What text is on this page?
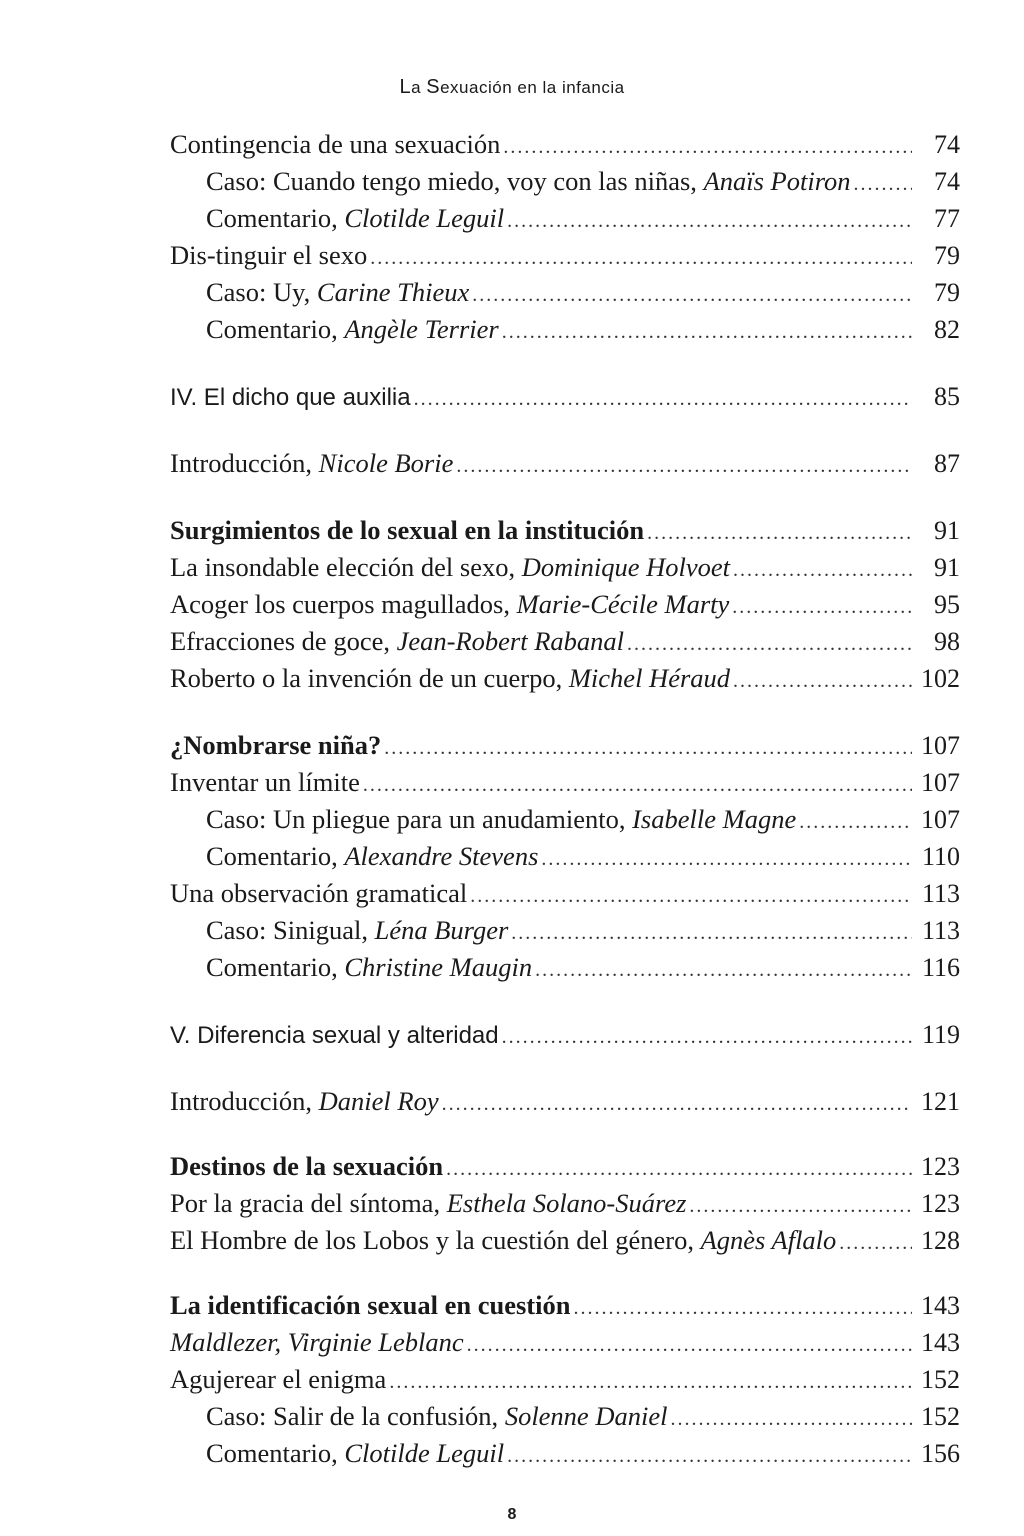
La Sexuación en la infancia
Contingencia de una sexuación .....	74
Caso: Cuando tengo miedo, voy con las niñas, Anaïs Potiron .....	74
Comentario, Clotilde Leguil .....	77
Dis-tinguir el sexo .....	79
Caso: Uy, Carine Thieux .....	79
Comentario, Angèle Terrier .....	82
IV. El dicho que auxilia .....	85
Introducción, Nicole Borie .....	87
Surgimientos de lo sexual en la institución .....	91
La insondable elección del sexo, Dominique Holvoet .....	91
Acoger los cuerpos magullados, Marie-Cécile Marty .....	95
Efracciones de goce, Jean-Robert Rabanal .....	98
Roberto o la invención de un cuerpo, Michel Héraud .....	102
¿Nombrarse niña? .....	107
Inventar un límite .....	107
Caso: Un pliegue para un anudamiento, Isabelle Magne .....	107
Comentario, Alexandre Stevens .....	110
Una observación gramatical .....	113
Caso: Sinigual, Léna Burger .....	113
Comentario, Christine Maugin .....	116
V. Diferencia sexual y alteridad .....	119
Introducción, Daniel Roy .....	121
Destinos de la sexuación .....	123
Por la gracia del síntoma, Esthela Solano-Suárez .....	123
El Hombre de los Lobos y la cuestión del género, Agnès Aflalo .....	128
La identificación sexual en cuestión .....	143
Maldlezer, Virginie Leblanc .....	143
Agujerear el enigma .....	152
Caso: Salir de la confusión, Solenne Daniel .....	152
Comentario, Clotilde Leguil .....	156
8
